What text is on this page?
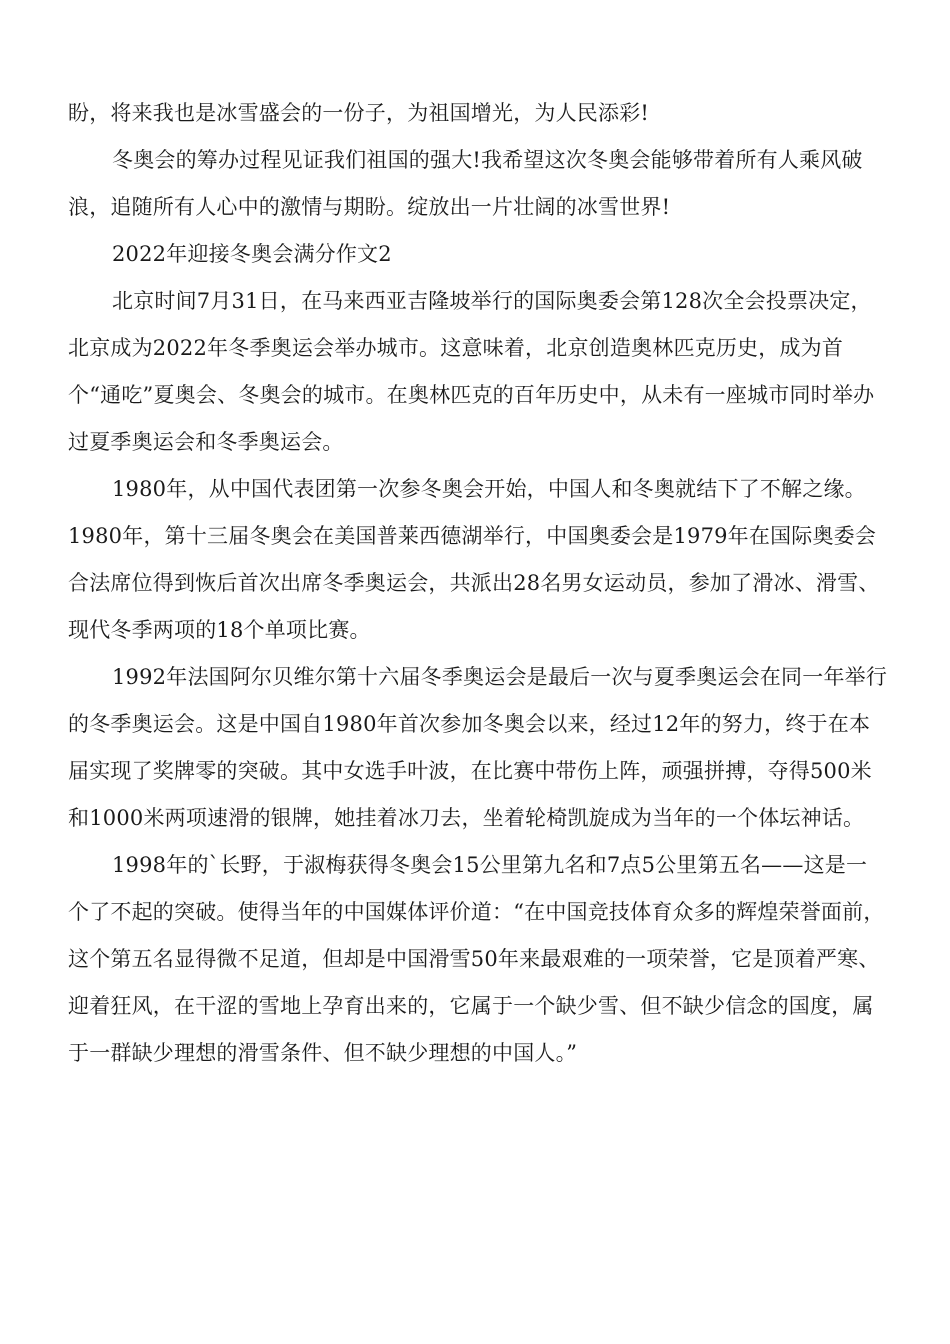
盼，将来我也是冰雪盛会的一份子，为祖国增光，为人民添彩!

冬奥会的筹办过程见证我们祖国的强大!我希望这次冬奥会能够带着所有人乘风破浪，追随所有人心中的激情与期盼。绽放出一片壮阔的冰雪世界!

2022年迎接冬奥会满分作文2

北京时间7月31日，在马来西亚吉隆坡举行的国际奥委会第128次全会投票决定，北京成为2022年冬季奥运会举办城市。这意味着，北京创造奥林匹克历史，成为首个“通吃”夏奥会、冬奥会的城市。在奥林匹克的百年历史中，从未有一座城市同时举办过夏季奥运会和冬季奥运会。

1980年，从中国代表团第一次参冬奥会开始，中国人和冬奥就结下了不解之缘。 1980年，第十三届冬奥会在美国普莱西德湖举行，中国奥委会是1979年在国际奥委会合法席位得到恢后首次出席冬季奥运会，共派出28名男女运动员，参加了滑冰、滑雪、现代冬季两项的18个单项比赛。

1992年法国阿尔贝维尔第十六届冬季奥运会是最后一次与夏季奥运会在同一年举行的冬季奥运会。这是中国自1980年首次参加冬奥会以来，经过12年的努力，终于在本届实现了奖牌零的突破。其中女选手叶波，在比赛中带伤上阵，顽强拼搏，夺得500米和1000米两项速滑的银牌，她挂着冰刀去，坐着轮椅凯旋成为当年的一个体坛神话。

1998年的`长野，于淑梅获得冬奥会15公里第九名和7点5公里第五名——这是一个了不起的突破。使得当年的中国媒体评价道：“在中国竞技体育众多的辉煌荣誉面前，这个第五名显得微不足道，但却是中国滑雪50年来最艰难的一项荣誉，它是顶着严寒、迎着狂风，在干涩的雪地上孕育出来的，它属于一个缺少雪、但不缺少信念的国度，属于一群缺少理想的滑雪条件、但不缺少理想的中国人。”
